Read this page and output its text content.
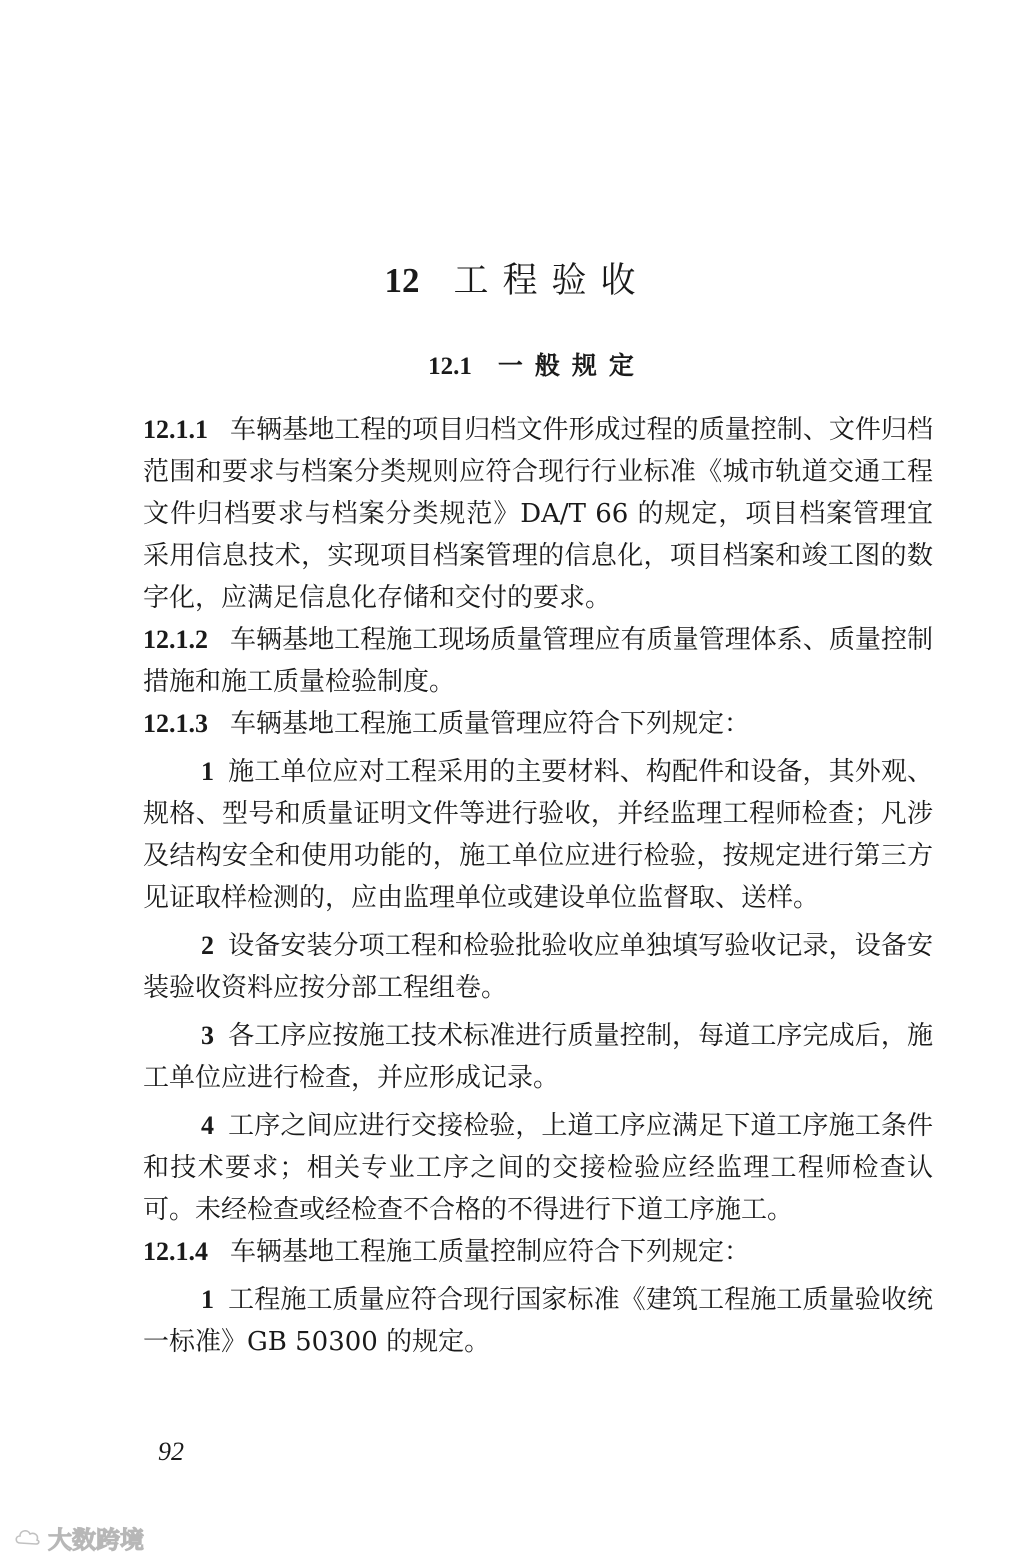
12 工程验收
12.1 一般规定

12.1.1 车辆基地工程的项目归档文件形成过程的质量控制、文件归档范围和要求与档案分类规则应符合现行行业标准《城市轨道交通工程文件归档要求与档案分类规范》DA/T 66 的规定，项目档案管理宜采用信息技术，实现项目档案管理的信息化，项目档案和竣工图的数字化，应满足信息化存储和交付的要求。

12.1.2 车辆基地工程施工现场质量管理应有质量管理体系、质量控制措施和施工质量检验制度。

12.1.3 车辆基地工程施工质量管理应符合下列规定：

1 施工单位应对工程采用的主要材料、构配件和设备，其外观、规格、型号和质量证明文件等进行验收，并经监理工程师检查；凡涉及结构安全和使用功能的，施工单位应进行检验，按规定进行第三方见证取样检测的，应由监理单位或建设单位监督取、送样。

2 设备安装分项工程和检验批验收应单独填写验收记录，设备安装验收资料应按分部工程组卷。

3 各工序应按施工技术标准进行质量控制，每道工序完成后，施工单位应进行检查，并应形成记录。

4 工序之间应进行交接检验，上道工序应满足下道工序施工条件和技术要求；相关专业工序之间的交接检验应经监理工程师检查认可。未经检查或经检查不合格的不得进行下道工序施工。

12.1.4 车辆基地工程施工质量控制应符合下列规定：

1 工程施工质量应符合现行国家标准《建筑工程施工质量验收统一标准》GB 50300 的规定。

92
大数跨境
